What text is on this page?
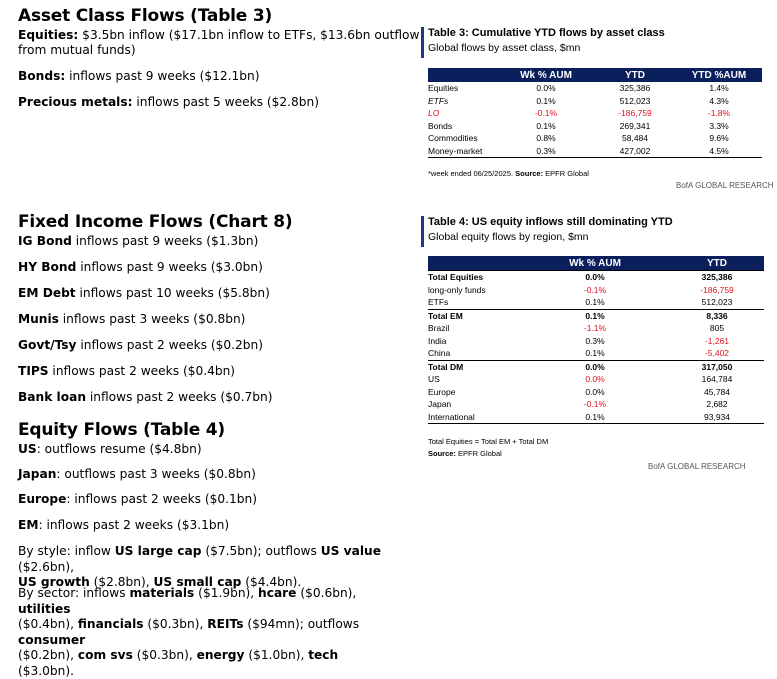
Asset Class Flows (Table 3)
Equities: $3.5bn inflow ($17.1bn inflow to ETFs, $13.6bn outflow
from mutual funds)
Bonds: inflows past 9 weeks ($12.1bn)
Precious metals: inflows past 5 weeks ($2.8bn)
Fixed Income Flows (Chart 8)
IG Bond inflows past 9 weeks ($1.3bn)
HY Bond inflows past 9 weeks ($3.0bn)
EM Debt inflows past 10 weeks ($5.8bn)
Munis inflows past 3 weeks ($0.8bn)
Govt/Tsy inflows past 2 weeks ($0.2bn)
TIPS inflows past 2 weeks ($0.4bn)
Bank loan inflows past 2 weeks ($0.7bn)
Equity Flows (Table 4)
US: outflows resume ($4.8bn)
Japan: outflows past 3 weeks ($0.8bn)
Europe: inflows past 2 weeks ($0.1bn)
EM: inflows past 2 weeks ($3.1bn)
By style: inflow US large cap ($7.5bn); outflows US value ($2.6bn),
US growth ($2.8bn), US small cap ($4.4bn).
By sector: inflows materials ($1.9bn), hcare ($0.6bn), utilities
($0.4bn), financials ($0.3bn), REITs ($94mn); outflows consumer
($0.2bn), com svs ($0.3bn), energy ($1.0bn), tech ($3.0bn).
Table 3: Cumulative YTD flows by asset class
Global flows by asset class, $mn
	Wk % AUM	YTD	YTD %AUM
Equities	0.0%	325,386	1.4%
ETFs	0.1%	512,023	4.3%
LO	-0.1%	-186,759	-1.8%
Bonds	0.1%	269,341	3.3%
Commodities	0.8%	58,484	9.6%
Money-market	0.3%	427,002	4.5%
*week ended 06/25/2025. Source: EPFR Global
BofA GLOBAL RESEARCH
Table 4: US equity inflows still dominating YTD
Global equity flows by region, $mn
	Wk % AUM	YTD
Total Equities	0.0%	325,386
long-only funds	-0.1%	-186,759
ETFs	0.1%	512,023
Total EM	0.1%	8,336
Brazil	-1.1%	805
India	0.3%	-1,261
China	0.1%	-5,402
Total DM	0.0%	317,050
US	0.0%	164,784
Europe	0.0%	45,784
Japan	-0.1%	2,682
International	0.1%	93,934
Total Equities = Total EM + Total DM
Source: EPFR Global
BofA GLOBAL RESEARCH
